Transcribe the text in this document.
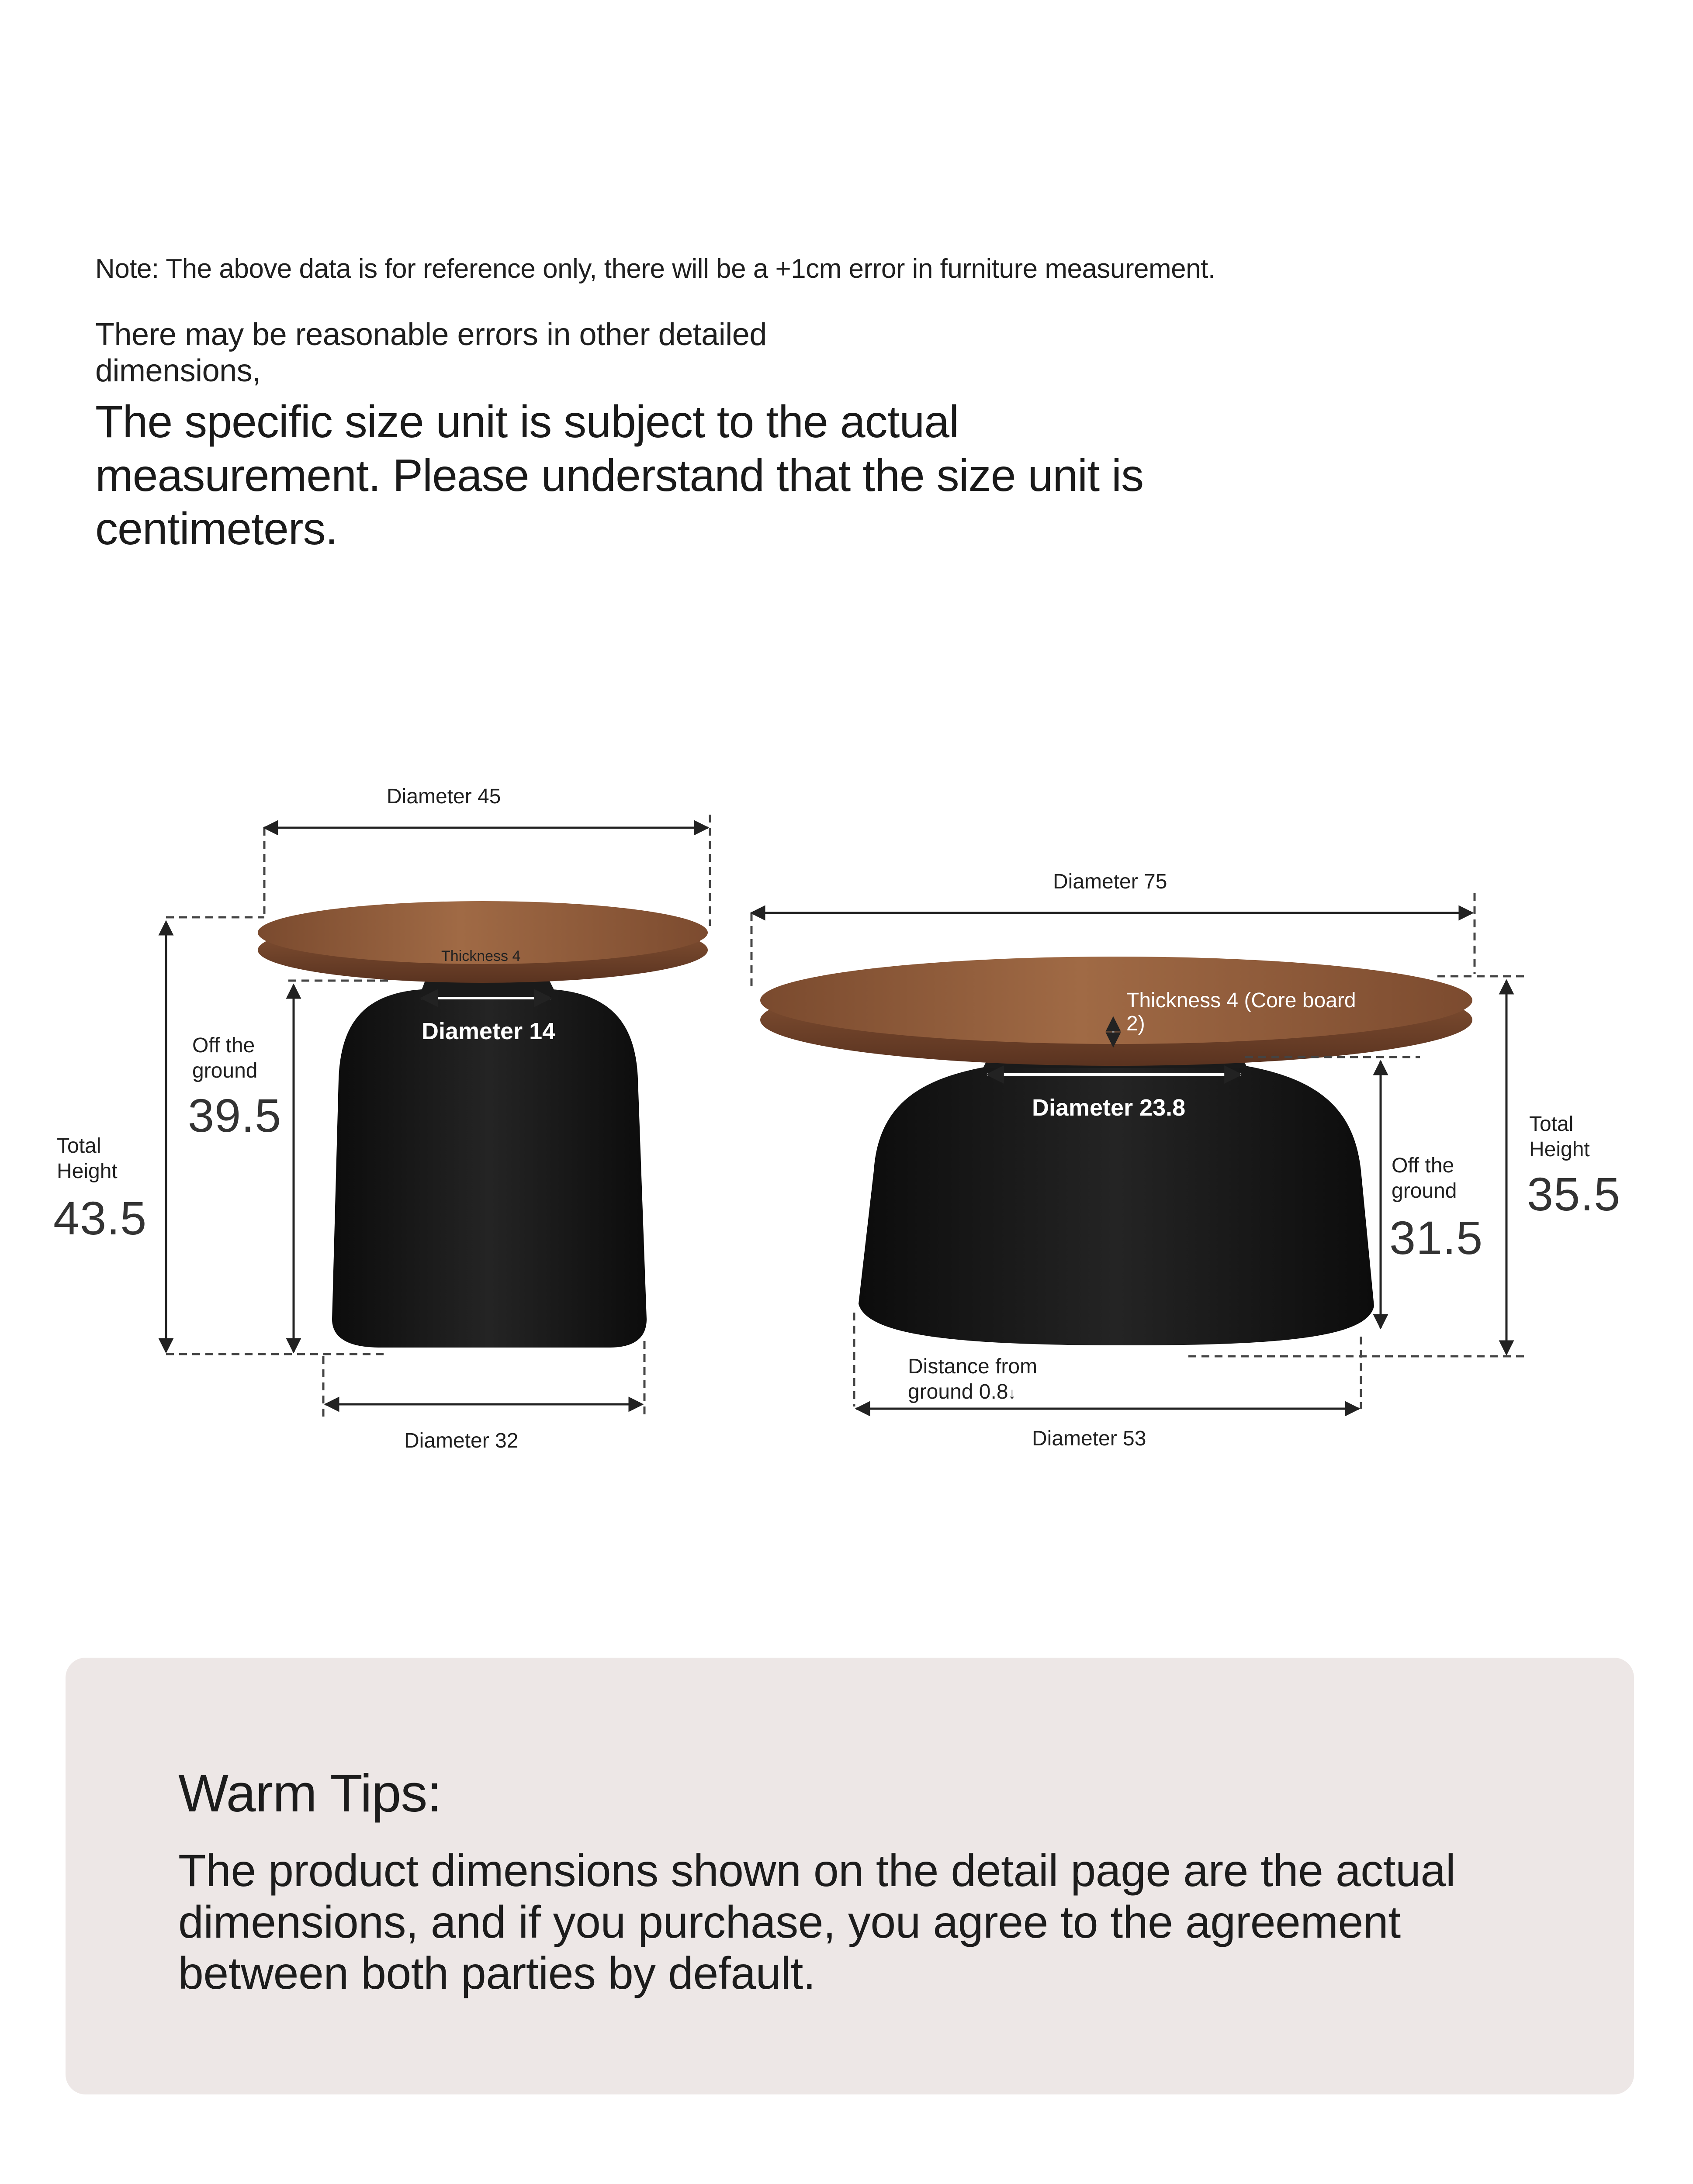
Note: The above data is for reference only, there will be a +1cm error in furniture measurement.
There may be reasonable errors in other detailed dimensions,
The specific size unit is subject to the actual measurement. Please understand that the size unit is centimeters.
Diameter 45
Thickness 4
Diameter 14
Off the ground
39.5
Total Height
43.5
Diameter 32
Diameter 75
Thickness 4 (Core board 2)
Diameter 23.8
Off the ground
31.5
Total Height
35.5
Distance from ground 0.8↓
Diameter 53
Warm Tips:
The product dimensions shown on the detail page are the actual dimensions, and if you purchase, you agree to the agreement between both parties by default.
